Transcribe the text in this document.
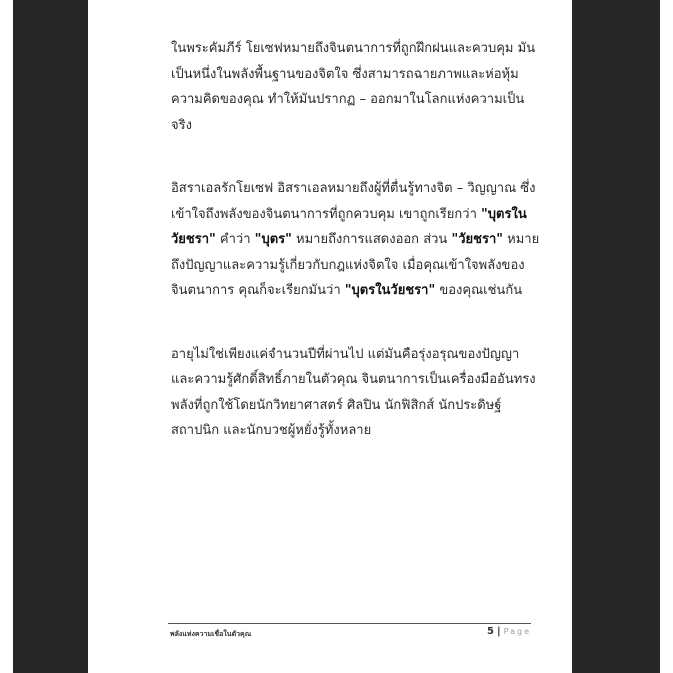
ในพระคัมภีร์ โยเซฟหมายถึงจินตนาการที่ถูกฝึกฝนและควบคุม มันเป็นหนึ่งในพลังพื้นฐานของจิตใจ ซึ่งสามารถฉายภาพและห่อหุ้มความคิดของคุณ ทำให้มันปรากฏ – ออกมาในโลกแห่งความเป็นจริง

อิสราเอลรักโยเซฟ อิสราเอลหมายถึงผู้ที่ตื่นรู้ทางจิต – วิญญาณ ซึ่งเข้าใจถึงพลังของจินตนาการที่ถูกควบคุม เขาถูกเรียกว่า "บุตรในวัยชรา" คำว่า "บุตร" หมายถึงการแสดงออก ส่วน "วัยชรา" หมายถึงปัญญาและความรู้เกี่ยวกับกฎแห่งจิตใจ เมื่อคุณเข้าใจพลังของจินตนาการ คุณก็จะเรียกมันว่า "บุตรในวัยชรา" ของคุณเช่นกัน

อายุไม่ใช่เพียงแค่จำนวนปีที่ผ่านไป แต่มันคือรุ่งอรุณของปัญญาและความรู้ศักดิ์สิทธิ์ภายในตัวคุณ จินตนาการเป็นเครื่องมืออันทรงพลังที่ถูกใช้โดยนักวิทยาศาสตร์ ศิลปิน นักฟิสิกส์ นักประดิษฐ์ สถาปนิก และนักบวชผู้หยั่งรู้ทั้งหลาย

พลังแห่งความเชื่อในตัวคุณ	5 | Page
